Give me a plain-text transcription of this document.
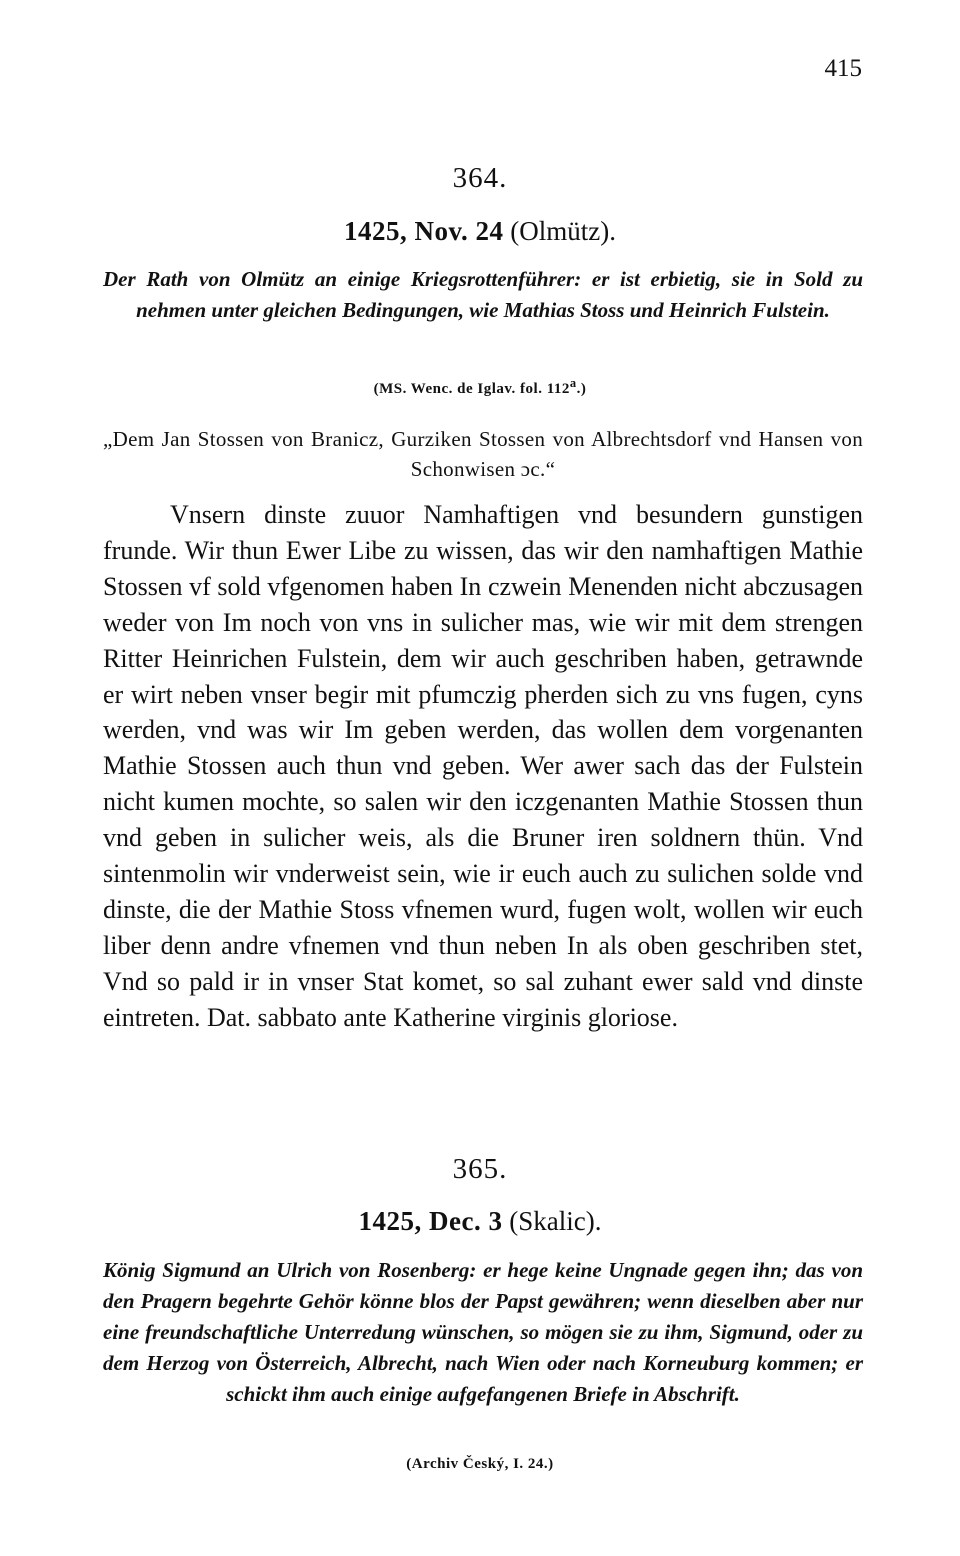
415
364.
1425, Nov. 24 (Olmütz).
Der Rath von Olmütz an einige Kriegsrottenführer: er ist erbietig, sie in Sold zu nehmen unter gleichen Bedingungen, wie Mathias Stoss und Heinrich Fulstein.
(MS. Wenc. de Iglav. fol. 112$^a$.)
„Dem Jan Stossen von Branicz, Gurziken Stossen von Albrechtsdorf vnd Hansen von Schonwisen ɔc.“
Vnsern dinste zuuor Namhaftigen vnd besundern gunstigen frunde. Wir thun Ewer Libe zu wissen, das wir den namhaftigen Mathie Stossen vf sold vfgenomen haben In czwein Menenden nicht abczusagen weder von Im noch von vns in sulicher mas, wie wir mit dem strengen Ritter Heinrichen Fulstein, dem wir auch geschriben haben, getrawnde er wirt neben vnser begir mit pfumczig pherden sich zu vns fugen, cyns werden, vnd was wir Im geben werden, das wollen dem vorgenanten Mathie Stossen auch thun vnd geben. Wer awer sach das der Fulstein nicht kumen mochte, so salen wir den iczgenanten Mathie Stossen thun vnd geben in sulicher weis, als die Bruner iren soldnern thün. Vnd sintenmolin wir vnderweist sein, wie ir euch auch zu sulichen solde vnd dinste, die der Mathie Stoss vfnemen wurd, fugen wolt, wollen wir euch liber denn andre vfnemen vnd thun neben In als oben geschriben stet, Vnd so pald ir in vnser Stat komet, so sal zuhant ewer sald vnd dinste eintreten. Dat. sabbato ante Katherine virginis gloriose.
365.
1425, Dec. 3 (Skalic).
König Sigmund an Ulrich von Rosenberg: er hege keine Ungnade gegen ihn; das von den Pragern begehrte Gehör könne blos der Papst gewähren; wenn dieselben aber nur eine freundschaftliche Unterredung wünschen, so mögen sie zu ihm, Sigmund, oder zu dem Herzog von Österreich, Albrecht, nach Wien oder nach Korneuburg kommen; er schickt ihm auch einige aufgefangenen Briefe in Abschrift.
(Archiv Český, I. 24.)
